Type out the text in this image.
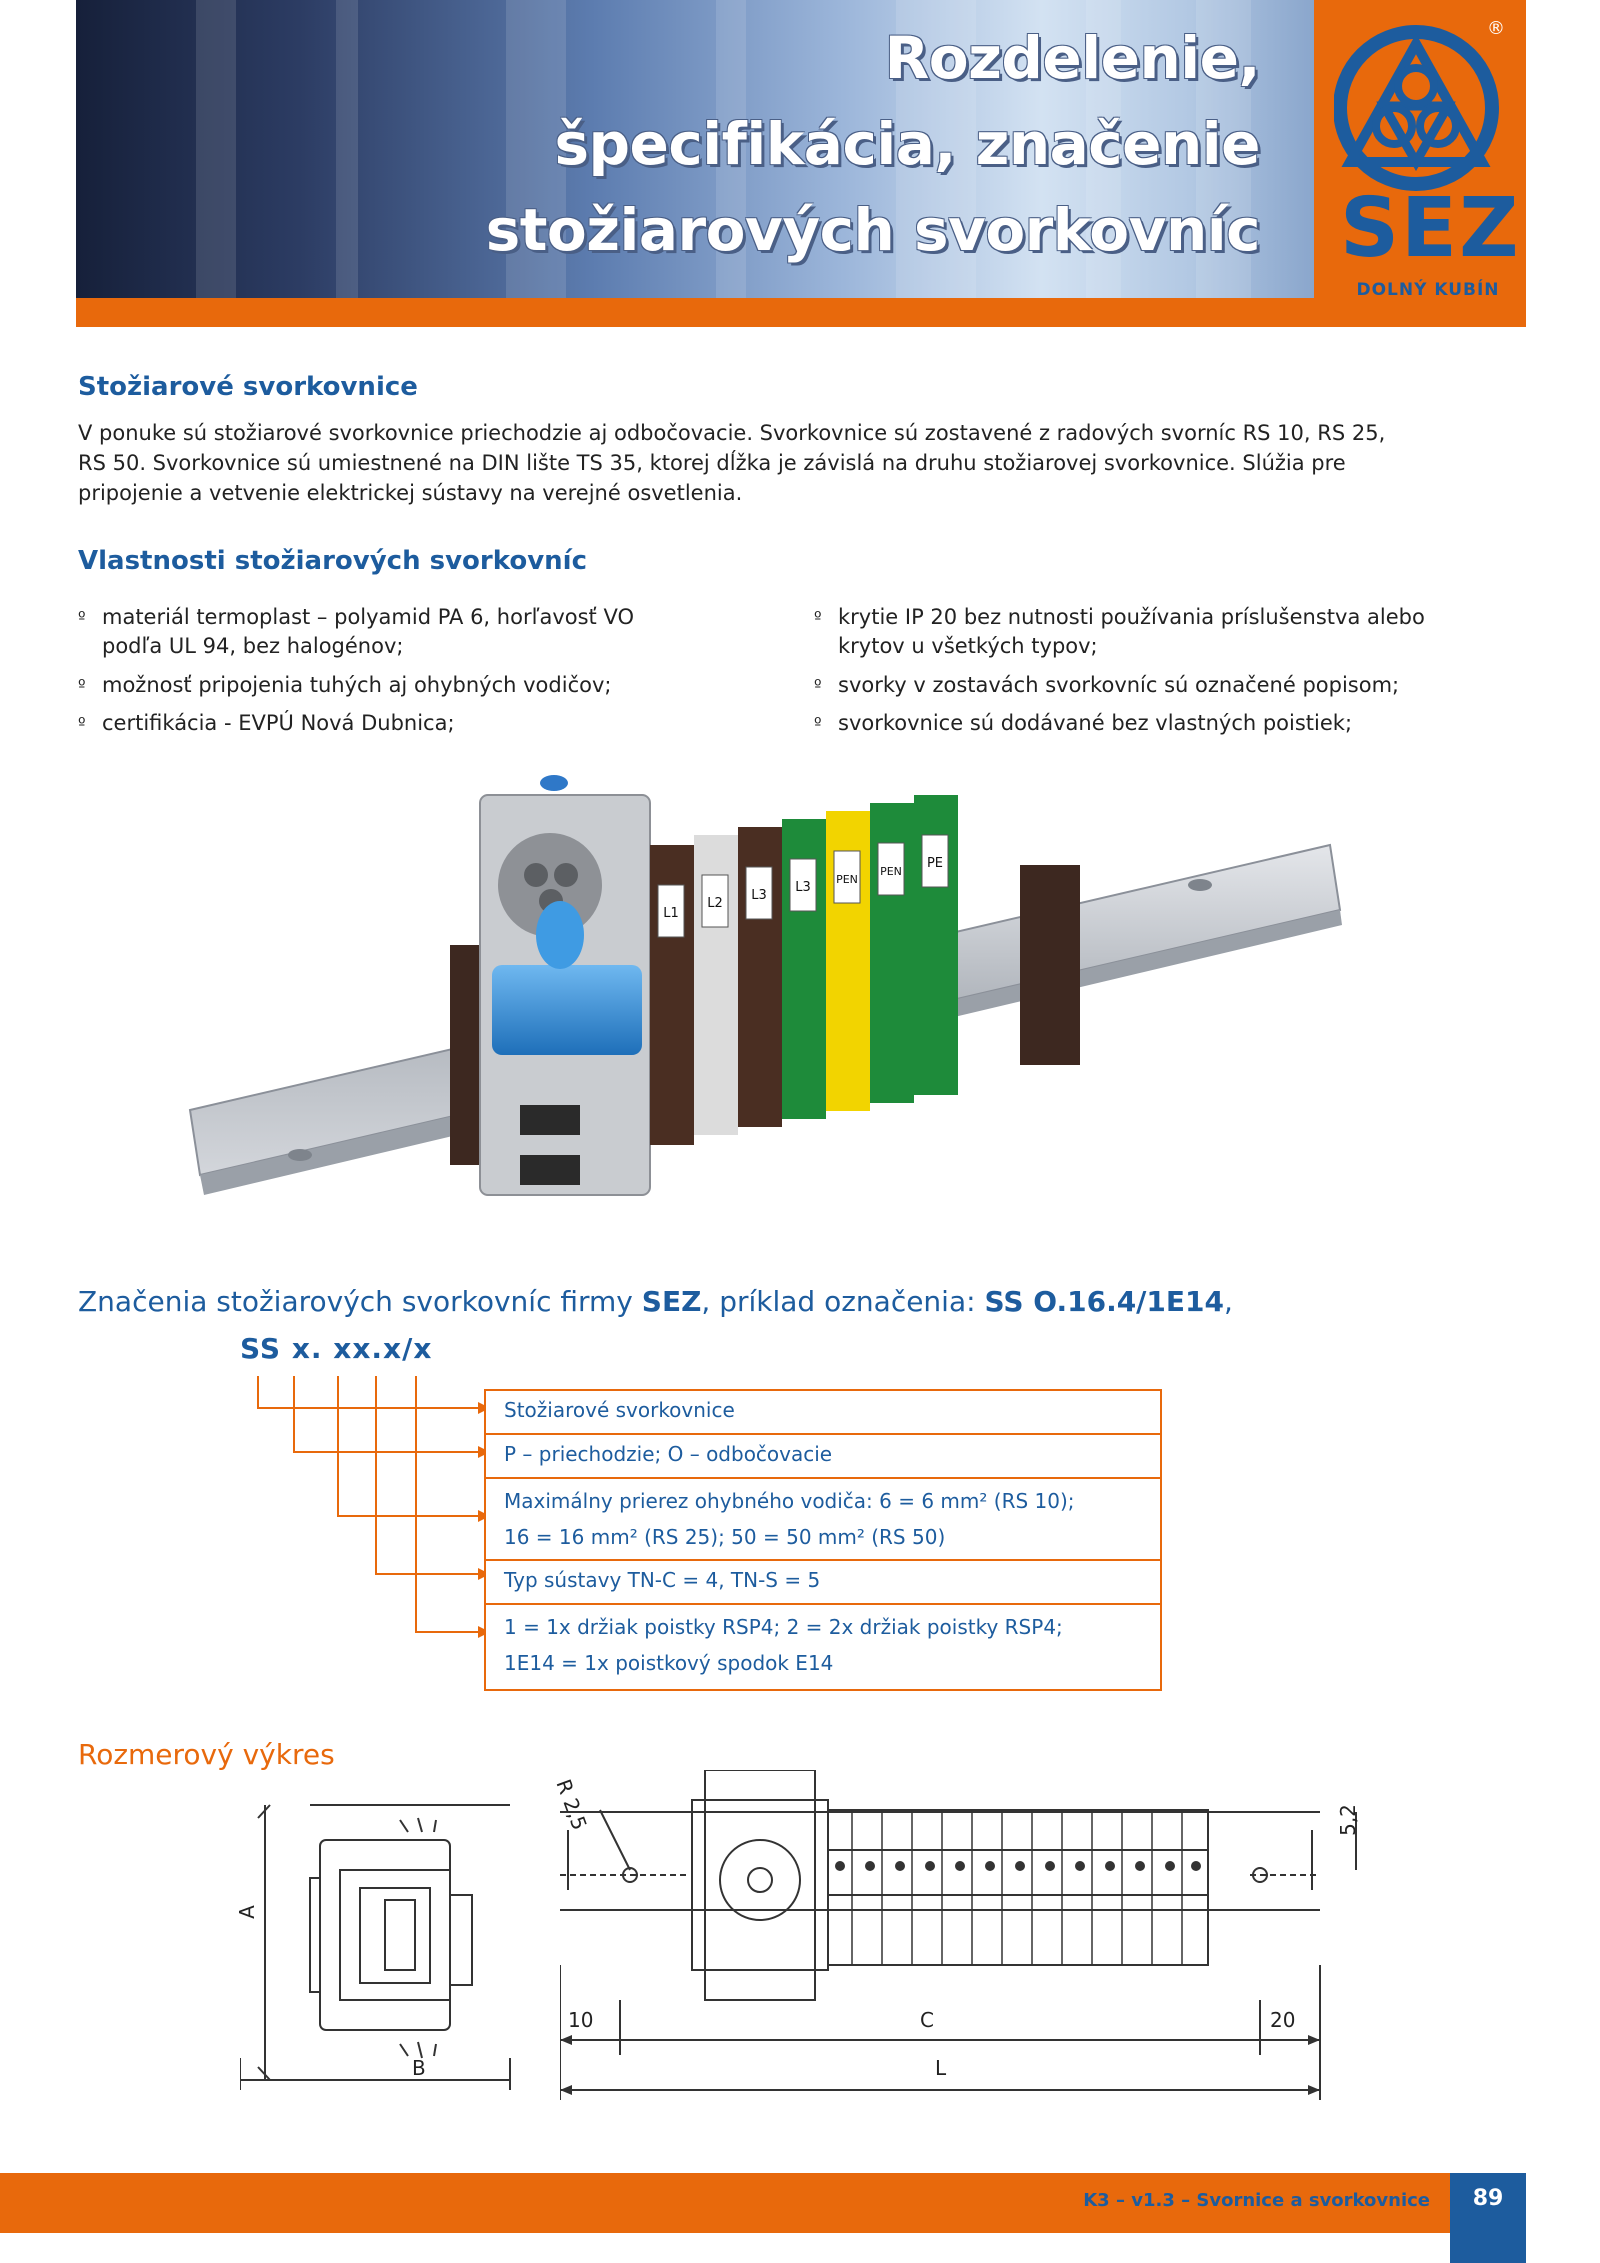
Rozdelenie,
špecifikácia, značenie
stožiarových svorkovníc
®
SEZ
DOLNÝ KUBÍN
Stožiarové svorkovnice
V ponuke sú stožiarové svorkovnice priechodzie aj odbočovacie. Svorkovnice sú zostavené z radových svorníc RS 10, RS 25,
RS 50. Svorkovnice sú umiestnené na DIN lište TS 35, ktorej dĺžka je závislá na druhu stožiarovej svorkovnice. Slúžia pre
pripojenie a vetvenie elektrickej sústavy na verejné osvetlenia.
Vlastnosti stožiarových svorkovníc
º materiál termoplast – polyamid PA 6, horľavosť VO
podľa UL 94, bez halogénov;
º možnosť pripojenia tuhých aj ohybných vodičov;
º certifikácia - EVPÚ Nová Dubnica;
º krytie IP 20 bez nutnosti používania príslušenstva alebo
krytov u všetkých typov;
º svorky v zostavách svorkovníc sú označené popisom;
º svorkovnice sú dodávané bez vlastných poistiek;
L1
L2
L3
L3
PEN
PEN
PE
Značenia stožiarových svorkovníc firmy SEZ, príklad označenia: SS O.16.4/1E14,
SS x. xx.x/x
Stožiarové svorkovnice
P – priechodzie; O – odbočovacie
Maximálny prierez ohybného vodiča: 6 = 6 mm² (RS 10);
16 = 16 mm² (RS 25); 50 = 50 mm² (RS 50)
Typ sústavy TN-C = 4, TN-S = 5
1 = 1x držiak poistky RSP4; 2 = 2x držiak poistky RSP4;
1E14 = 1x poistkový spodok E14
Rozmerový výkres
A
B
10	C	20
L
R 2,5	5,2
K3 – v1.3 – Svornice a svorkovnice	89
